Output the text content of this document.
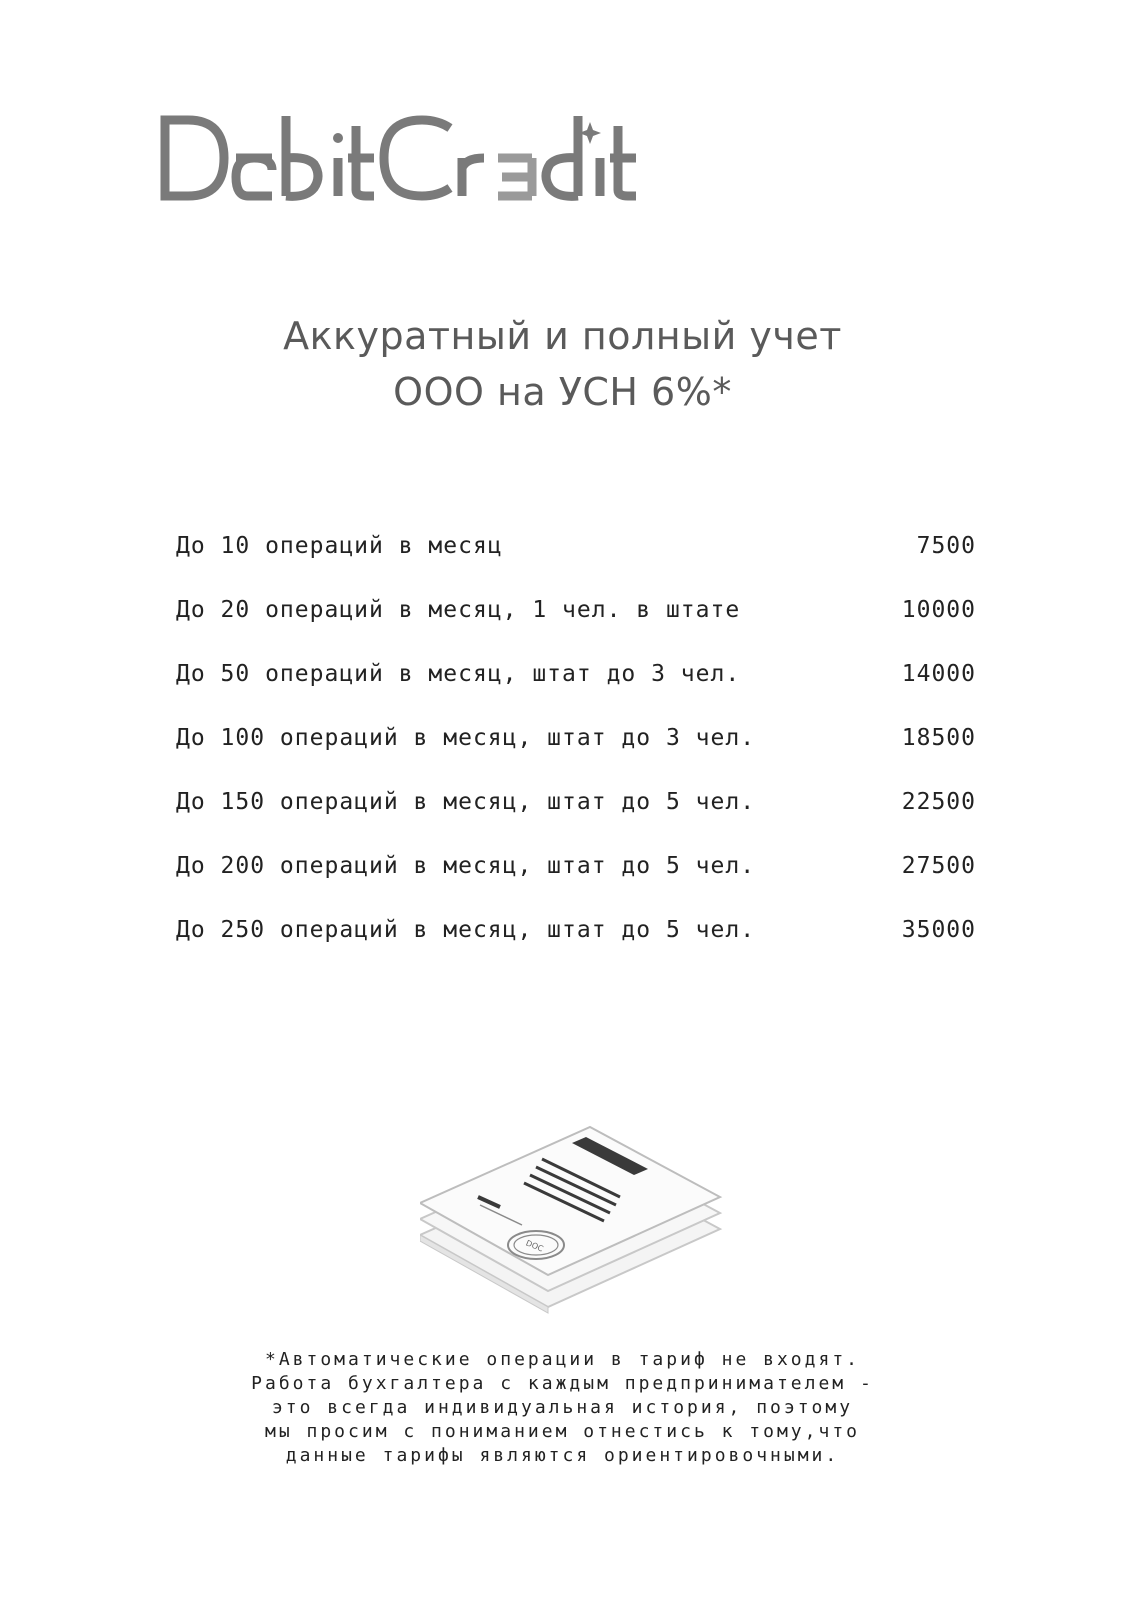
Аккуратный и полный учет
ООО на УСН 6%*
До 10 операций в месяц	7500
До 20 операций в месяц, 1 чел. в штате	10000
До 50 операций в месяц, штат до 3 чел.	14000
До 100 операций в месяц, штат до 3 чел.	18500
До 150 операций в месяц, штат до 5 чел.	22500
До 200 операций в месяц, штат до 5 чел.	27500
До 250 операций в месяц, штат до 5 чел.	35000
DOC
*Автоматические операции в тариф не входят.
Работа бухгалтера с каждым предпринимателем -
это всегда индивидуальная история, поэтому
мы просим с пониманием отнестись к тому,что
данные тарифы являются ориентировочными.
